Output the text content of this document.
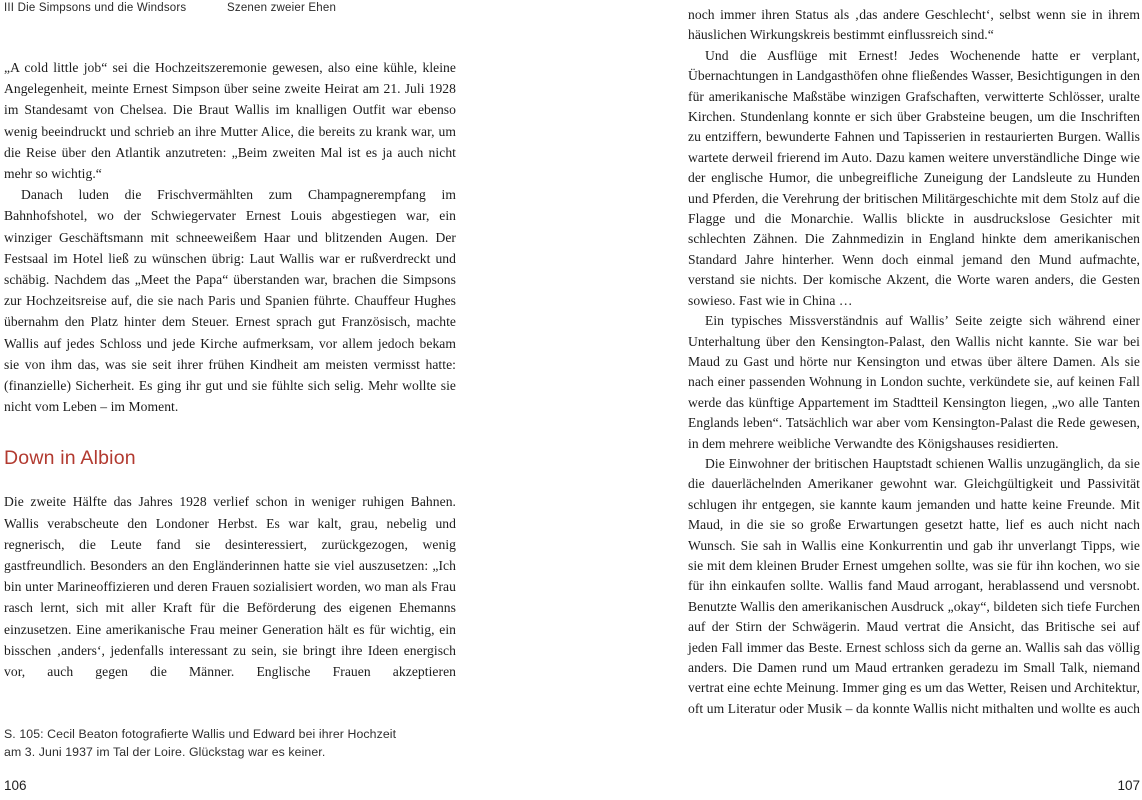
III Die Simpsons und die Windsors	Szenen zweier Ehen

„A cold little job“ sei die Hochzeitszeremonie gewesen, also eine kühle, kleine Angelegenheit, meinte Ernest Simpson über seine zweite Heirat am 21. Juli 1928 im Standesamt von Chelsea. Die Braut Wallis im knalligen Outfit war ebenso wenig beeindruckt und schrieb an ihre Mutter Alice, die bereits zu krank war, um die Reise über den Atlantik anzutreten: „Beim zweiten Mal ist es ja auch nicht mehr so wichtig.“

Danach luden die Frischvermählten zum Champagnerempfang im Bahnhofshotel, wo der Schwiegervater Ernest Louis abgestiegen war, ein winziger Geschäftsmann mit schneeweißem Haar und blitzenden Augen. Der Festsaal im Hotel ließ zu wünschen übrig: Laut Wallis war er rußverdreckt und schäbig. Nachdem das „Meet the Papa“ überstanden war, brachen die Simpsons zur Hochzeitsreise auf, die sie nach Paris und Spanien führte. Chauffeur Hughes übernahm den Platz hinter dem Steuer. Ernest sprach gut Französisch, machte Wallis auf jedes Schloss und jede Kirche aufmerksam, vor allem jedoch bekam sie von ihm das, was sie seit ihrer frühen Kindheit am meisten vermisst hatte: (finanzielle) Sicherheit. Es ging ihr gut und sie fühlte sich selig. Mehr wollte sie nicht vom Leben – im Moment.

Down in Albion

Die zweite Hälfte das Jahres 1928 verlief schon in weniger ruhigen Bahnen. Wallis verabscheute den Londoner Herbst. Es war kalt, grau, nebelig und regnerisch, die Leute fand sie desinteressiert, zurückgezogen, wenig gastfreundlich. Besonders an den Engländerinnen hatte sie viel auszusetzen: „Ich bin unter Marineoffizieren und deren Frauen sozialisiert worden, wo man als Frau rasch lernt, sich mit aller Kraft für die Beförderung des eigenen Ehemanns einzusetzen. Eine amerikanische Frau meiner Generation hält es für wichtig, ein bisschen ‚anders‘, jedenfalls interessant zu sein, sie bringt ihre Ideen energisch vor, auch gegen die Männer. Englische Frauen akzeptieren

S. 105: Cecil Beaton fotografierte Wallis und Edward bei ihrer Hochzeit
am 3. Juni 1937 im Tal der Loire. Glückstag war es keiner.
106

noch immer ihren Status als ‚das andere Geschlecht‘, selbst wenn sie in ihrem häuslichen Wirkungskreis bestimmt einflussreich sind.“

Und die Ausflüge mit Ernest! Jedes Wochenende hatte er verplant, Übernachtungen in Landgasthöfen ohne fließendes Wasser, Besichtigungen in den für amerikanische Maßstäbe winzigen Grafschaften, verwitterte Schlösser, uralte Kirchen. Stundenlang konnte er sich über Grabsteine beugen, um die Inschriften zu entziffern, bewunderte Fahnen und Tapisserien in restaurierten Burgen. Wallis wartete derweil frierend im Auto. Dazu kamen weitere unverständliche Dinge wie der englische Humor, die unbegreifliche Zuneigung der Landsleute zu Hunden und Pferden, die Verehrung der britischen Militärgeschichte mit dem Stolz auf die Flagge und die Monarchie. Wallis blickte in ausdruckslose Gesichter mit schlechten Zähnen. Die Zahnmedizin in England hinkte dem amerikanischen Standard Jahre hinterher. Wenn doch einmal jemand den Mund aufmachte, verstand sie nichts. Der komische Akzent, die Worte waren anders, die Gesten sowieso. Fast wie in China …

Ein typisches Missverständnis auf Wallis’ Seite zeigte sich während einer Unterhaltung über den Kensington-Palast, den Wallis nicht kannte. Sie war bei Maud zu Gast und hörte nur Kensington und etwas über ältere Damen. Als sie nach einer passenden Wohnung in London suchte, verkündete sie, auf keinen Fall werde das künftige Appartement im Stadtteil Kensington liegen, „wo alle Tanten Englands leben“. Tatsächlich war aber vom Kensington-Palast die Rede gewesen, in dem mehrere weibliche Verwandte des Königshauses residierten.

Die Einwohner der britischen Hauptstadt schienen Wallis unzugänglich, da sie die dauerlächelnden Amerikaner gewohnt war. Gleichgültigkeit und Passivität schlugen ihr entgegen, sie kannte kaum jemanden und hatte keine Freunde. Mit Maud, in die sie so große Erwartungen gesetzt hatte, lief es auch nicht nach Wunsch. Sie sah in Wallis eine Konkurrentin und gab ihr unverlangt Tipps, wie sie mit dem kleinen Bruder Ernest umgehen sollte, was sie für ihn kochen, wo sie für ihn einkaufen sollte. Wallis fand Maud arrogant, herablassend und versnobt. Benutzte Wallis den amerikanischen Ausdruck „okay“, bildeten sich tiefe Furchen auf der Stirn der Schwägerin. Maud vertrat die Ansicht, das Britische sei auf jeden Fall immer das Beste. Ernest schloss sich da gerne an. Wallis sah das völlig anders. Die Damen rund um Maud ertranken geradezu im Small Talk, niemand vertrat eine echte Meinung. Immer ging es um das Wetter, Reisen und Architektur, oft um Literatur oder Musik – da konnte Wallis nicht mithalten und wollte es auch

107
